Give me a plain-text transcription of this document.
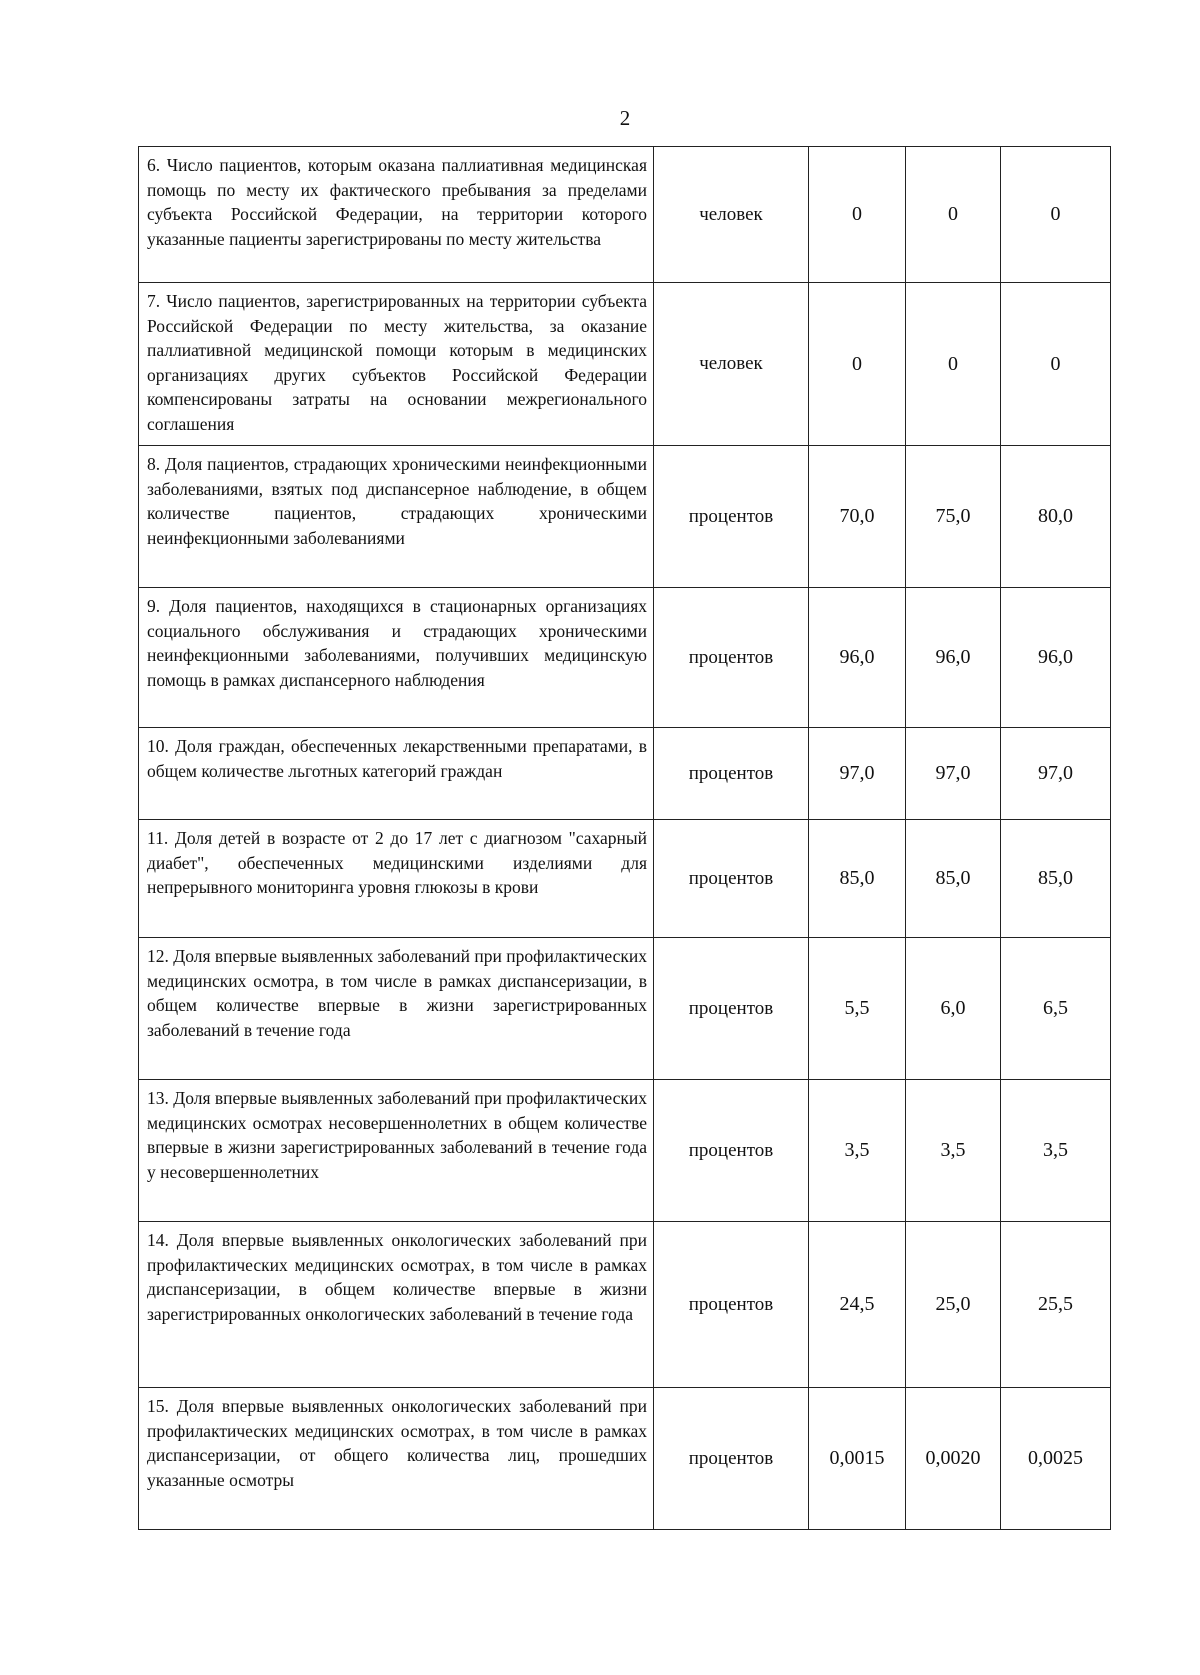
2
6. Число пациентов, которым оказана паллиативная медицинская помощь по месту их фактического пребывания за пределами субъекта Российской Федерации, на территории которого указанные пациенты зарегистрированы по месту жительства	человек	0	0	0
7. Число пациентов, зарегистрированных на территории субъекта Российской Федерации по месту жительства, за оказание паллиативной медицинской помощи которым в медицинских организациях других субъектов Российской Федерации компенсированы затраты на основании межрегионального соглашения	человек	0	0	0
8. Доля пациентов, страдающих хроническими неинфекционными заболеваниями, взятых под диспансерное наблюдение, в общем количестве пациентов, страдающих хроническими неинфекционными заболеваниями	процентов	70,0	75,0	80,0
9. Доля пациентов, находящихся в стационарных организациях социального обслуживания и страдающих хроническими неинфекционными заболеваниями, получивших медицинскую помощь в рамках диспансерного наблюдения	процентов	96,0	96,0	96,0
10. Доля граждан, обеспеченных лекарственными препаратами, в общем количестве льготных категорий граждан	процентов	97,0	97,0	97,0
11. Доля детей в возрасте от 2 до 17 лет с диагнозом "сахарный диабет", обеспеченных медицинскими изделиями для непрерывного мониторинга уровня глюкозы в крови	процентов	85,0	85,0	85,0
12. Доля впервые выявленных заболеваний при профилактических медицинских осмотра, в том числе в рамках диспансеризации, в общем количестве впервые в жизни зарегистрированных заболеваний в течение года	процентов	5,5	6,0	6,5
13. Доля впервые выявленных заболеваний при профилактических медицинских осмотрах несовершеннолетних в общем количестве впервые в жизни зарегистрированных заболеваний в течение года у несовершеннолетних	процентов	3,5	3,5	3,5
14. Доля впервые выявленных онкологических заболеваний при профилактических медицинских осмотрах, в том числе в рамках диспансеризации, в общем количестве впервые в жизни зарегистрированных онкологических заболеваний в течение года	процентов	24,5	25,0	25,5
15. Доля впервые выявленных онкологических заболеваний при профилактических медицинских осмотрах, в том числе в рамках диспансеризации, от общего количества лиц, прошедших указанные осмотры	процентов	0,0015	0,0020	0,0025
